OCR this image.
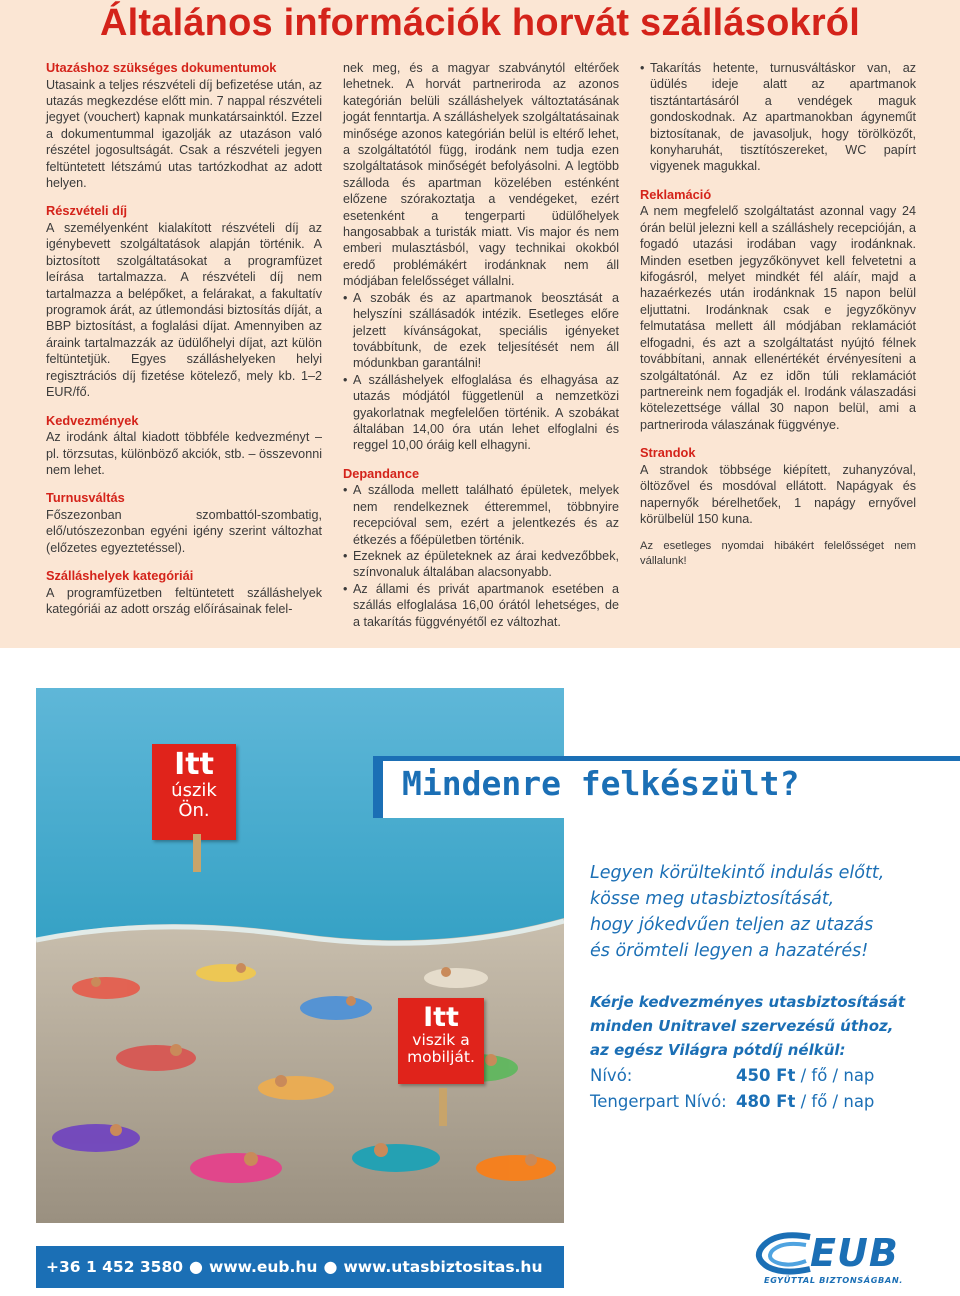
Általános információk horvát szállásokról
Utazáshoz szükséges dokumentumok

Utasaink a teljes részvételi díj befizetése után, az utazás megkezdése előtt min. 7 nappal részvételi jegyet (vouchert) kapnak munkatársainktól. Ezzel a dokumentummal igazolják az utazáson való részétel jogosultságát. Csak a részvételi jegyen feltüntetett létszámú utas tartózkodhat az adott helyen.

Részvételi díj

A személyenként kialakított részvételi díj az igénybevett szolgáltatások alapján történik. A biztosított szolgáltatásokat a programfüzet leírása tartalmazza. A részvételi díj nem tartalmazza a belépőket, a felárakat, a fakultatív programok árát, az útlemondási biztosítás díját, a BBP biztosítást, a foglalási díjat. Amennyiben az áraink tartalmazzák az üdülőhelyi díjat, azt külön feltüntetjük. Egyes szálláshelyeken helyi regisztrációs díj fizetése kötelező, mely kb. 1–2 EUR/fő.

Kedvezmények

Az irodánk által kiadott többféle kedvezményt – pl. törzsutas, különböző akciók, stb. – összevonni nem lehet.

Turnusváltás

Főszezonban szombattól-szombatig, elő/utószezonban egyéni igény szerint változhat (előzetes egyeztetéssel).

Szálláshelyek kategóriái

A programfüzetben feltüntetett szálláshelyek kategóriái az adott ország előírásainak felel-

nek meg, és a magyar szabványtól eltérőek lehetnek. A horvát partneriroda az azonos kategórián belüli szálláshelyek változtatásának jogát fenntartja. A szálláshelyek szolgáltatásainak minősége azonos kategórián belül is eltérő lehet, a szolgáltatótól függ, irodánk nem tudja ezen szolgáltatások minőségét befolyásolni. A legtöbb szálloda és apartman közelében esténként előzene szórakoztatja a vendégeket, ezért esetenként a tengerparti üdülőhelyek hangosabbak a turisták miatt. Vis major és nem emberi mulasztásból, vagy technikai okokból eredő problémákért irodánknak nem áll módjában felelősséget vállalni.

• A szobák és az apartmanok beosztását a helyszíni szállásadók intézik. Esetleges előre jelzett kívánságokat, speciális igényeket továbbítunk, de ezek teljesítését nem áll módunkban garantálni!
• A szálláshelyek elfoglalása és elhagyása az utazás módjától függetlenül a nemzetközi gyakorlatnak megfelelően történik. A szobákat általában 14,00 óra után lehet elfoglalni és reggel 10,00 óráig kell elhagyni.
Depandance
• A szálloda mellett található épületek, melyek nem rendelkeznek étteremmel, többnyire recepcióval sem, ezért a jelentkezés és az étkezés a főépületben történik.
• Ezeknek az épületeknek az árai kedvezőbbek, színvonaluk általában alacsonyabb.
• Az állami és privát apartmanok esetében a szállás elfoglalása 16,00 órától lehetséges, de a takarítás függvényétől ez változhat.
• Takarítás hetente, turnusváltáskor van, az üdülés ideje alatt az apartmanok tisztántartásáról a vendégek maguk gondoskodnak. Az apartmanokban ágyneműt biztosítanak, de javasoljuk, hogy törölközőt, konyharuhát, tisztítószereket, WC papírt vigyenek magukkal.
Reklamáció

A nem megfelelő szolgáltatást azonnal vagy 24 órán belül jelezni kell a szálláshely recepcióján, a fogadó utazási irodában vagy irodánknak. Minden esetben jegyzőkönyvet kell felvetetni a kifogásról, melyet mindkét fél aláír, majd a hazaérkezés után irodánknak 15 napon belül eljuttatni. Irodánknak csak e jegyzőkönyv felmutatása mellett áll módjában reklamációt elfogadni, és azt a szolgáltatást nyújtó félnek továbbítani, annak ellenértékét érvényesíteni a szolgáltatónál. Az ez idõn túli reklamációt partnereink nem fogadják el. Irodánk válaszadási kötelezettsége vállal 30 napon belül, ami a partneriroda válaszának függvénye.

Strandok

A strandok többsége kiépített, zuhanyzóval, öltözővel és mosdóval ellátott. Napágyak és napernyők bérelhetőek, 1 napágy ernyővel körülbelül 150 kuna.

Az esetleges nyomdai hibákért felelősséget nem vállalunk!

Itt
úszik
Ön.
Itt
viszik a
mobilját.
Mindenre felkészült?
Legyen körültekintő indulás előtt,
kösse meg utasbiztosítását,
hogy jókedvűen teljen az utazás
és örömteli legyen a hazatérés!
Kérje kedvezményes utasbiztosítását
minden Unitravel szervezésű úthoz,
az egész Világra pótdíj nélkül:
Nívó:	450 Ft / fő / nap
Tengerpart Nívó: 480 Ft / fő / nap
+36 1 452 3580 ● www.eub.hu ● www.utasbiztositas.hu	EUB
EGYÜTTAL BIZTONSÁGBAN.
